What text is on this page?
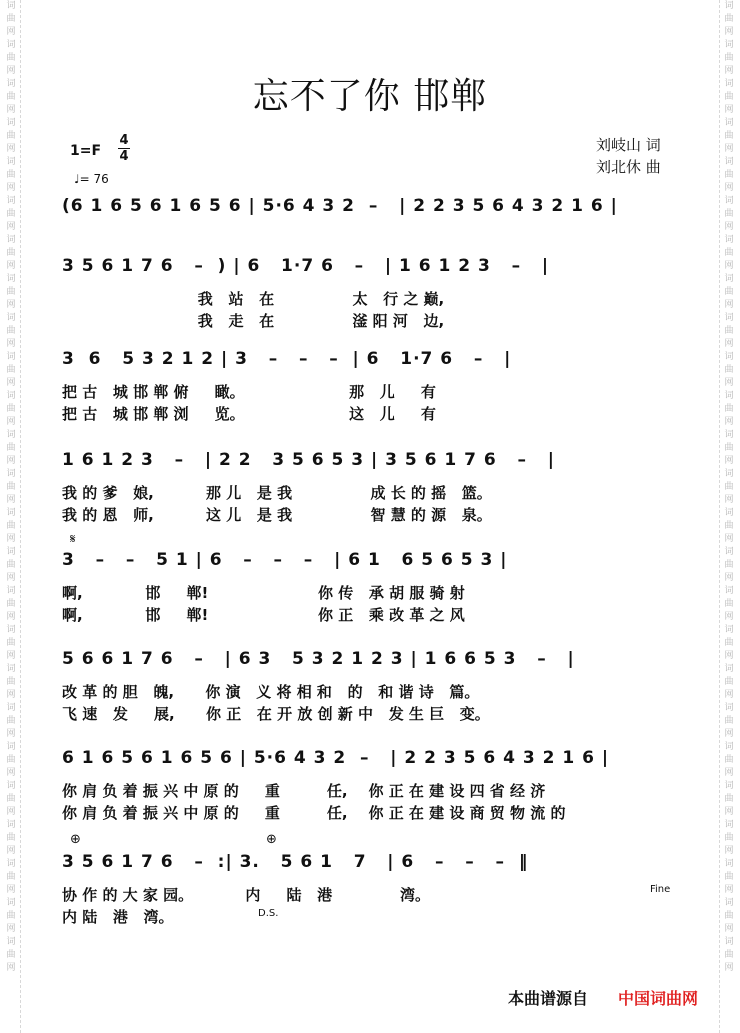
词
曲
网
词
曲
网
词
曲
网
词
曲
网
词
曲
网
词
曲
网
词
曲
网
词
曲
网
词
曲
网
词
曲
网
词
曲
网
词
曲
网
词
曲
网
词
曲
网
词
曲
网
词
曲
网
词
曲
网
词
曲
网
词
曲
网
词
曲
网
词
曲
网
词
曲
网
词
曲
网
词
曲
网
词
曲
网
词
曲
网
词
曲
网
词
曲
网
词
曲
网
词
曲
网
词
曲
网
词
曲
网
词
曲
网
词
曲
网
词
曲
网
词
曲
网
词
曲
网
词
曲
网
词
曲
网
词
曲
网
词
曲
网
词
曲
网
词
曲
网
词
曲
网
词
曲
网
词
曲
网
词
曲
网
词
曲
网
词
曲
网
词
曲
网
忘不了你 邯郸
1=F
4
4
♩= 76
刘岐山 词
刘北休 曲
(6 1 6 5 6 1 6 5 6 | 5·6 4 3 2  –   | 2 2 3 5 6 4 3 2 1 6 |
3 5 6 1 7 6   –  ) | 6   1·7 6   –   | 1 6 1 2 3   –   |
我   站   在               太   行 之 巅,
我   走   在               滏 阳 河   边,
3  6   5 3 2 1 2 | 3   –   –   –  | 6   1·7 6   –   |
把 古   城 邯 郸 俯     瞰。                    那   儿     有
把 古   城 邯 郸 浏     览。                    这   儿     有
1 6 1 2 3   –   | 2 2   3 5 6 5 3 | 3 5 6 1 7 6   –   |
我 的 爹   娘,          那 儿   是 我               成 长 的 摇   篮。
我 的 恩   师,          这 儿   是 我               智 慧 的 源   泉。
𝄋
3   –   –   5 1 | 6   –   –   –   | 6 1   6 5 6 5 3 |
啊,            邯     郸!                     你 传   承 胡 服 骑 射
啊,            邯     郸!                     你 正   乘 改 革 之 风
5 6 6 1 7 6   –   | 6 3   5 3 2 1 2 3 | 1 6 6 5 3   –   |
改 革 的 胆   魄,      你 演   义 将 相 和   的   和 谐 诗   篇。
飞 速   发     展,      你 正   在 开 放 创 新 中   发 生 巨   变。
6 1 6 5 6 1 6 5 6 | 5·6 4 3 2  –   | 2 2 3 5 6 4 3 2 1 6 |
你 肩 负 着 振 兴 中 原 的     重         任,    你 正 在 建 设 四 省 经 济
你 肩 负 着 振 兴 中 原 的     重         任,    你 正 在 建 设 商 贸 物 流 的
⊕	⊕
3 5 6 1 7 6   –  :| 3.   5 6 1   7   | 6   –   –   –  ‖
协 作 的 大 家 园。          内     陆   港             湾。
内 陆   港   湾。	D.S.
Fine
本曲谱源自 中国词曲网
